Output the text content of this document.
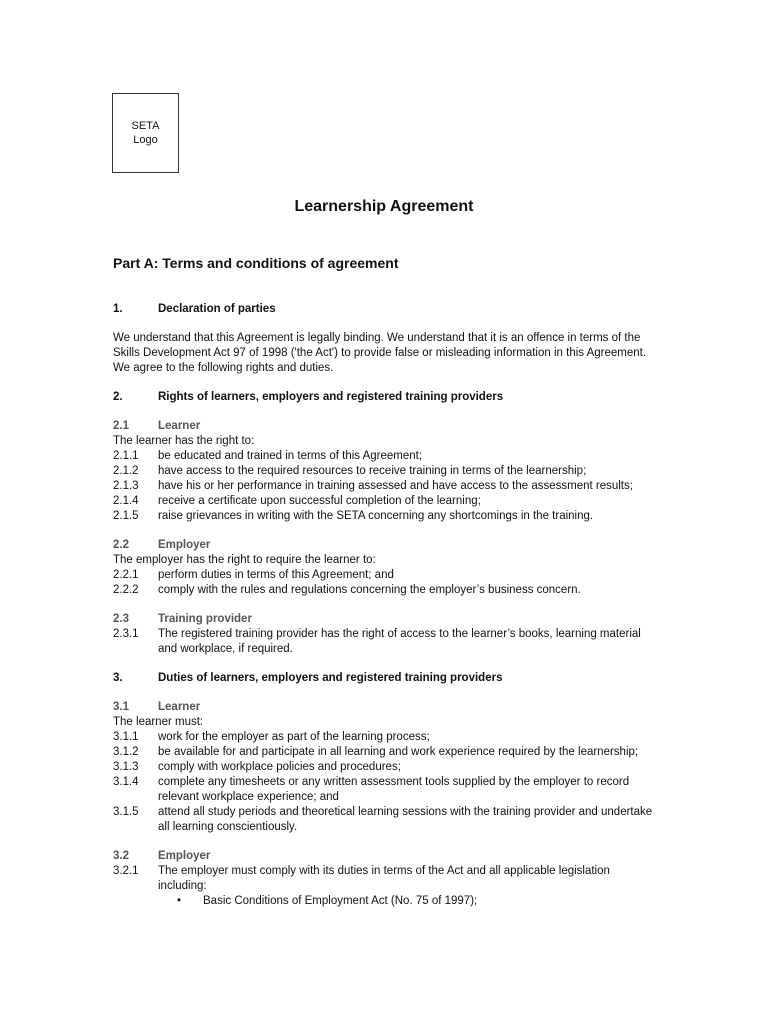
SETA
Logo
Learnership Agreement
Part A: Terms and conditions of agreement
1.	Declaration of parties

We understand that this Agreement is legally binding. We understand that it is an offence in terms of the Skills Development Act 97 of 1998 ('the Act') to provide false or misleading information in this Agreement. We agree to the following rights and duties.

2.	Rights of learners, employers and registered training providers
2.1	Learner

The learner has the right to:

2.1.1	be educated and trained in terms of this Agreement;
2.1.2	have access to the required resources to receive training in terms of the learnership;
2.1.3	have his or her performance in training assessed and have access to the assessment results;
2.1.4	receive a certificate upon successful completion of the learning;
2.1.5	raise grievances in writing with the SETA concerning any shortcomings in the training.
2.2	Employer

The employer has the right to require the learner to:

2.2.1	perform duties in terms of this Agreement; and
2.2.2	comply with the rules and regulations concerning the employer’s business concern.
2.3	Training provider
2.3.1	The registered training provider has the right of access to the learner’s books, learning material and workplace, if required.
3.	Duties of learners, employers and registered training providers
3.1	Learner

The learner must:

3.1.1	work for the employer as part of the learning process;
3.1.2	be available for and participate in all learning and work experience required by the learnership;
3.1.3	comply with workplace policies and procedures;
3.1.4	complete any timesheets or any written assessment tools supplied by the employer to record relevant workplace experience; and
3.1.5	attend all study periods and theoretical learning sessions with the training provider and undertake all learning conscientiously.
3.2	Employer
3.2.1	The employer must comply with its duties in terms of the Act and all applicable legislation including:
•	Basic Conditions of Employment Act (No. 75 of 1997);
